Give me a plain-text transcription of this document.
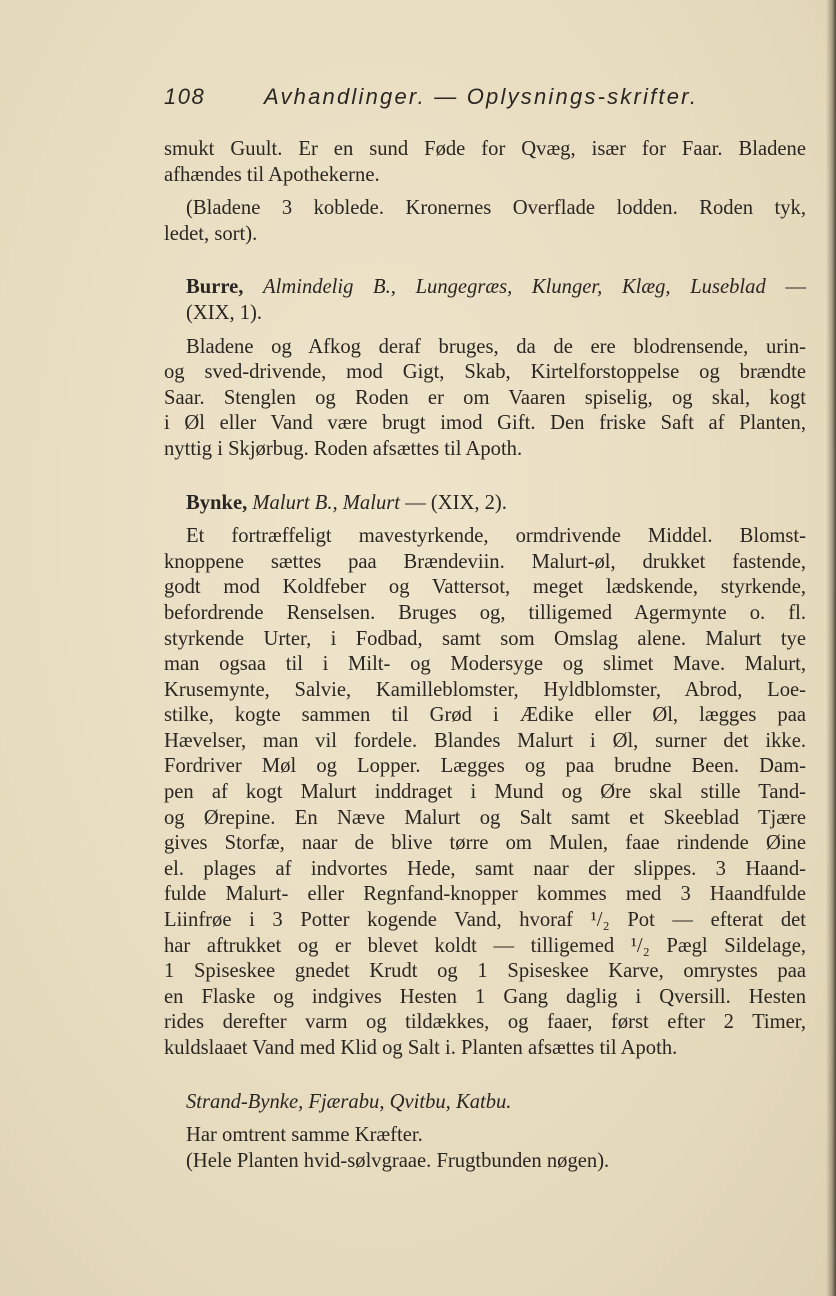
108	Avhandlinger. — Oplysnings-skrifter.
smukt Guult. Er en sund Føde for Qvæg, især for Faar. Bladene
afhændes til Apothekerne.
(Bladene 3 koblede. Kronernes Overflade lodden. Roden tyk,
ledet, sort).
Burre, Almindelig B., Lungegræs, Klunger, Klæg, Luseblad —
(XIX, 1).
Bladene og Afkog deraf bruges, da de ere blodrensende, urin-
og sved-drivende, mod Gigt, Skab, Kirtelforstoppelse og brændte
Saar. Stenglen og Roden er om Vaaren spiselig, og skal, kogt
i Øl eller Vand være brugt imod Gift. Den friske Saft af Planten,
nyttig i Skjørbug. Roden afsættes til Apoth.
Bynke, Malurt B., Malurt — (XIX, 2).
Et fortræffeligt mavestyrkende, ormdrivende Middel. Blomst-
knoppene sættes paa Brændeviin. Malurt-øl, drukket fastende,
godt mod Koldfeber og Vattersot, meget lædskende, styrkende,
befordrende Renselsen. Bruges og, tilligemed Agermynte o. fl.
styrkende Urter, i Fodbad, samt som Omslag alene. Malurt tye
man ogsaa til i Milt- og Modersyge og slimet Mave. Malurt,
Krusemynte, Salvie, Kamilleblomster, Hyldblomster, Abrod, Loe-
stilke, kogte sammen til Grød i Ædike eller Øl, lægges paa
Hævelser, man vil fordele. Blandes Malurt i Øl, surner det ikke.
Fordriver Møl og Lopper. Lægges og paa brudne Been. Dam-
pen af kogt Malurt inddraget i Mund og Øre skal stille Tand-
og Ørepine. En Næve Malurt og Salt samt et Skeeblad Tjære
gives Storfæ, naar de blive tørre om Mulen, faae rindende Øine
el. plages af indvortes Hede, samt naar der slippes. 3 Haand-
fulde Malurt- eller Regnfand-knopper kommes med 3 Haandfulde
Liinfrøe i 3 Potter kogende Vand, hvoraf ¹/₂ Pot — efterat det
har aftrukket og er blevet koldt — tilligemed ¹/₂ Pægl Sildelage,
1 Spiseskee gnedet Krudt og 1 Spiseskee Karve, omrystes paa
en Flaske og indgives Hesten 1 Gang daglig i Qversill. Hesten
rides derefter varm og tildækkes, og faaer, først efter 2 Timer,
kuldslaaet Vand med Klid og Salt i. Planten afsættes til Apoth.
Strand-Bynke, Fjærabu, Qvitbu, Katbu.
Har omtrent samme Kræfter.
(Hele Planten hvid-sølvgraae. Frugtbunden nøgen).
